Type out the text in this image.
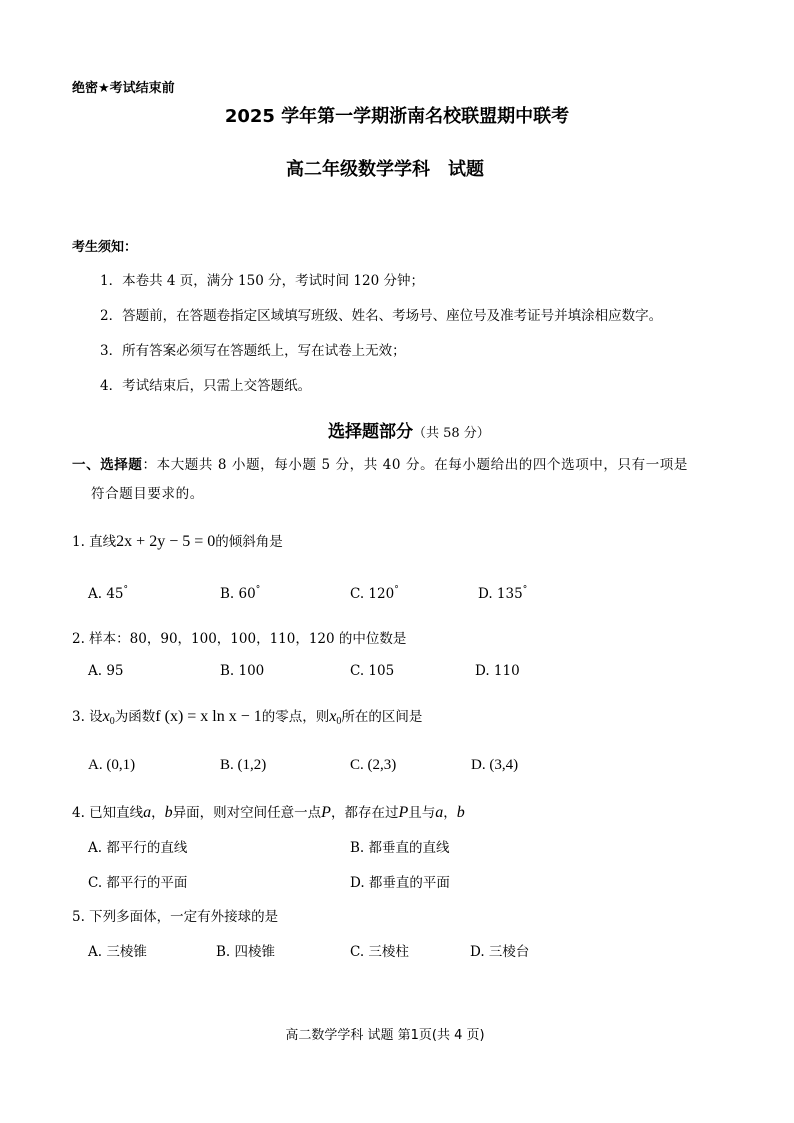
绝密★考试结束前
2025 学年第一学期浙南名校联盟期中联考
高二年级数学学科　试题
考生须知：
1．本卷共 4 页，满分 150 分，考试时间 120 分钟；
2．答题前，在答题卷指定区域填写班级、姓名、考场号、座位号及准考证号并填涂相应数字。
3．所有答案必须写在答题纸上，写在试卷上无效；
4．考试结束后，只需上交答题纸。
选择题部分（共 58 分）
一、选择题：本大题共 8 小题，每小题 5 分，共 40 分。在每小题给出的四个选项中，只有一项是
符合题目要求的。
1. 直线2x + 2y − 5 = 0的倾斜角是
A. 45°	B. 60°	C. 120°	D. 135°
2. 样本：80，90，100，100，110，120 的中位数是
A. 95	B. 100	C. 105	D. 110
3. 设$x_0$为函数f (x) = x ln x − 1的零点，则$x_0$所在的区间是
A. (0,1)	B. (1,2)	C. (2,3)	D. (3,4)
4. 已知直线a，b异面，则对空间任意一点P，都存在过P且与a，b
A. 都平行的直线	B. 都垂直的直线
C. 都平行的平面	D. 都垂直的平面
5. 下列多面体，一定有外接球的是
A. 三棱锥	B. 四棱锥	C. 三棱柱	D. 三棱台
高二数学学科 试题 第1页(共 4 页)
